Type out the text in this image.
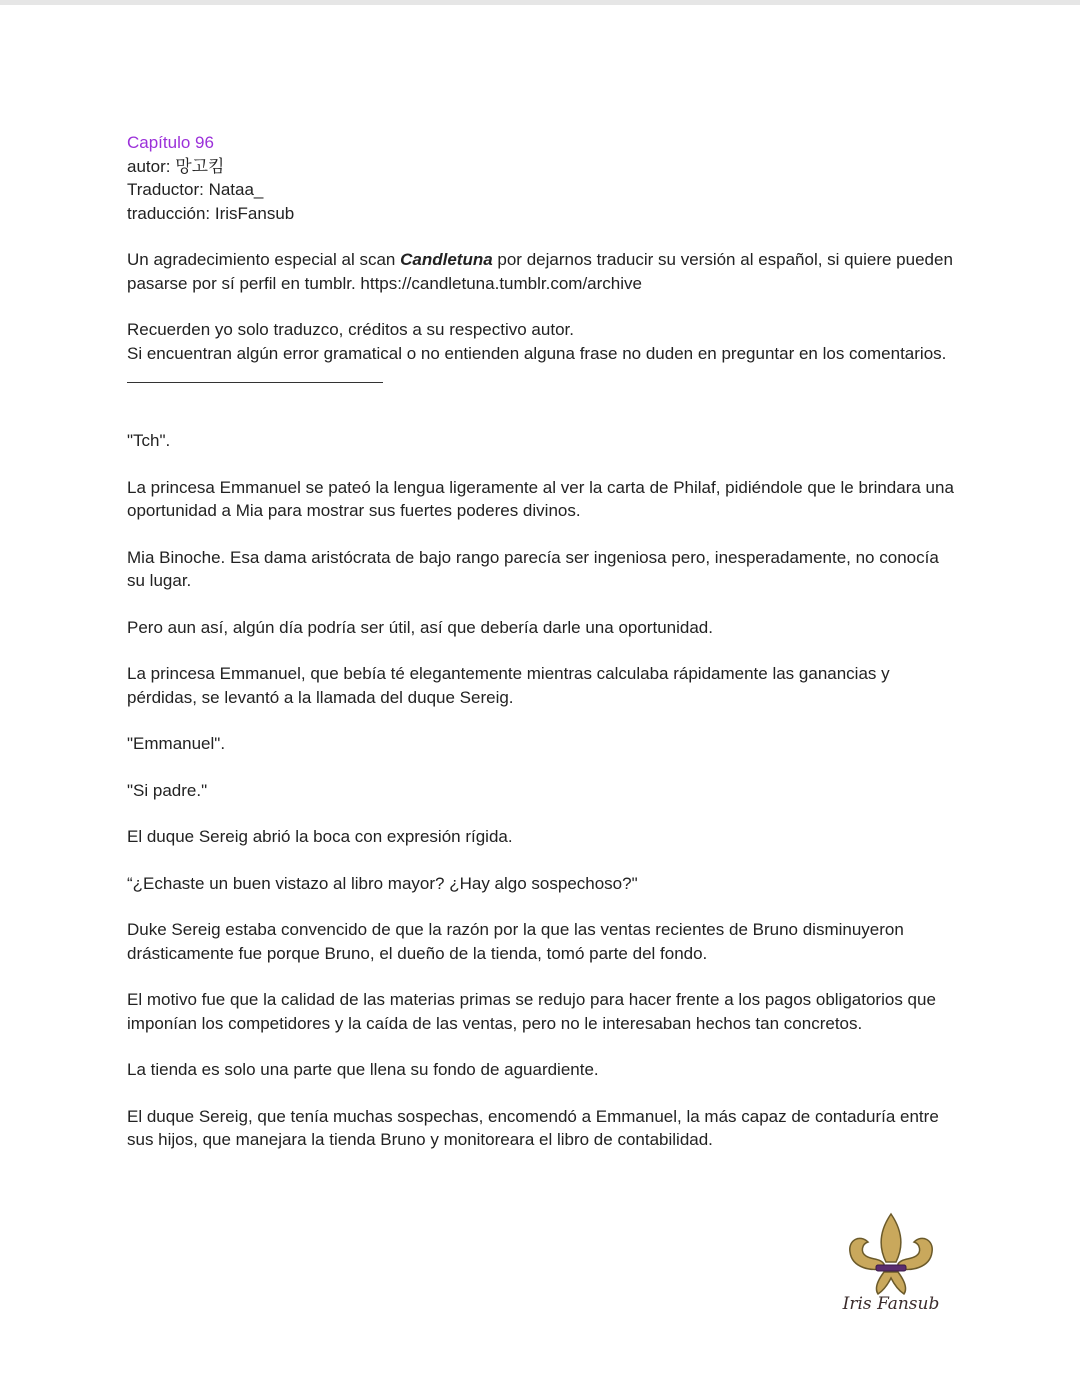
Capítulo 96

autor: 망고킴

Traductor: Nataa_

traducción: IrisFansub

Un agradecimiento especial al scan Candletuna por dejarnos traducir su versión al español, si quiere pueden pasarse por sí perfil en tumblr. https://candletuna.tumblr.com/archive

Recuerden yo solo traduzco, créditos a su respectivo autor.

Si encuentran algún error gramatical o no entienden alguna frase no duden en preguntar en los comentarios.

"Tch".

La princesa Emmanuel se pateó la lengua ligeramente al ver la carta de Philaf, pidiéndole que le brindara una oportunidad a Mia para mostrar sus fuertes poderes divinos.

Mia Binoche. Esa dama aristócrata de bajo rango parecía ser ingeniosa pero, inesperadamente, no conocía su lugar.

Pero aun así, algún día podría ser útil, así que debería darle una oportunidad.

La princesa Emmanuel, que bebía té elegantemente mientras calculaba rápidamente las ganancias y pérdidas, se levantó a la llamada del duque Sereig.

"Emmanuel".

"Si padre."

El duque Sereig abrió la boca con expresión rígida.

“¿Echaste un buen vistazo al libro mayor? ¿Hay algo sospechoso?"

Duke Sereig estaba convencido de que la razón por la que las ventas recientes de Bruno disminuyeron drásticamente fue porque Bruno, el dueño de la tienda, tomó parte del fondo.

El motivo fue que la calidad de las materias primas se redujo para hacer frente a los pagos obligatorios que imponían los competidores y la caída de las ventas, pero no le interesaban hechos tan concretos.

La tienda es solo una parte que llena su fondo de aguardiente.

El duque Sereig, que tenía muchas sospechas, encomendó a Emmanuel, la más capaz de contaduría entre sus hijos, que manejara la tienda Bruno y monitoreara el libro de contabilidad.

Iris Fansub
